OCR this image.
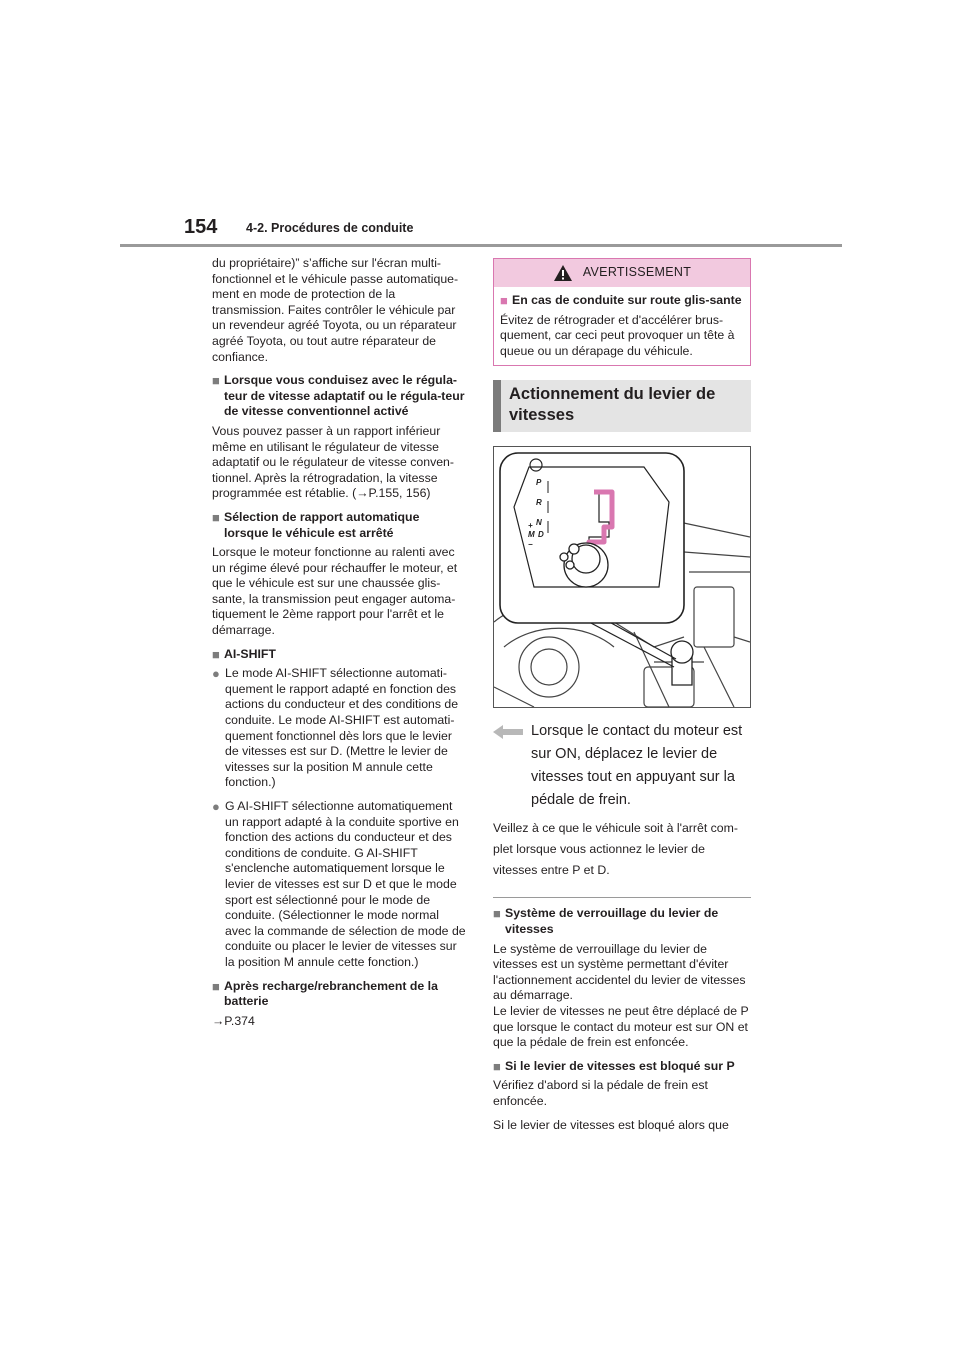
154 4-2. Procédures de conduite

du propriétaire)” s’affiche sur l'écran multi-fonctionnel et le véhicule passe automatique-ment en mode de protection de la transmission. Faites contrôler le véhicule par un revendeur agréé Toyota, ou un réparateur agréé Toyota, ou tout autre réparateur de confiance.

■ Lorsque vous conduisez avec le régula-teur de vitesse adaptatif ou le régula-teur de vitesse conventionnel activé

Vous pouvez passer à un rapport inférieur même en utilisant le régulateur de vitesse adaptatif ou le régulateur de vitesse conven-tionnel. Après la rétrogradation, la vitesse programmée est rétablie. (→P.155, 156)

■ Sélection de rapport automatique lorsque le véhicule est arrêté

Lorsque le moteur fonctionne au ralenti avec un régime élevé pour réchauffer le moteur, et que le véhicule est sur une chaussée glis-sante, la transmission peut engager automa-tiquement le 2ème rapport pour l'arrêt et le démarrage.

■ AI-SHIFT
● Le mode AI-SHIFT sélectionne automati-quement le rapport adapté en fonction des actions du conducteur et des conditions de conduite. Le mode AI-SHIFT est automati-quement fonctionnel dès lors que le levier de vitesses est sur D. (Mettre le levier de vitesses sur la position M annule cette fonction.)
● G AI-SHIFT sélectionne automatiquement un rapport adapté à la conduite sportive en fonction des actions du conducteur et des conditions de conduite. G AI-SHIFT s'enclenche automatiquement lorsque le levier de vitesses est sur D et que le mode sport est sélectionné pour le mode de conduite. (Sélectionner le mode normal avec la commande de sélection de mode de conduite ou placer le levier de vitesses sur la position M annule cette fonction.)
■ Après recharge/rebranchement de la batterie

→P.374

AVERTISSEMENT
■ En cas de conduite sur route glis-sante

Évitez de rétrograder et d'accélérer brus-quement, car ceci peut provoquer un tête à queue ou un dérapage du véhicule.

Actionnement du levier de vitesses
P
R
N
D
M
+
−
Lorsque le contact du moteur est sur ON, déplacez le levier de vitesses tout en appuyant sur la pédale de frein.
Veillez à ce que le véhicule soit à l'arrêt com-plet lorsque vous actionnez le levier de vitesses entre P et D.
■ Système de verrouillage du levier de vitesses

Le système de verrouillage du levier de vitesses est un système permettant d'éviter l'actionnement accidentel du levier de vitesses au démarrage.

Le levier de vitesses ne peut être déplacé de P que lorsque le contact du moteur est sur ON et que la pédale de frein est enfoncée.

■ Si le levier de vitesses est bloqué sur P

Vérifiez d'abord si la pédale de frein est enfoncée.

Si le levier de vitesses est bloqué alors que
